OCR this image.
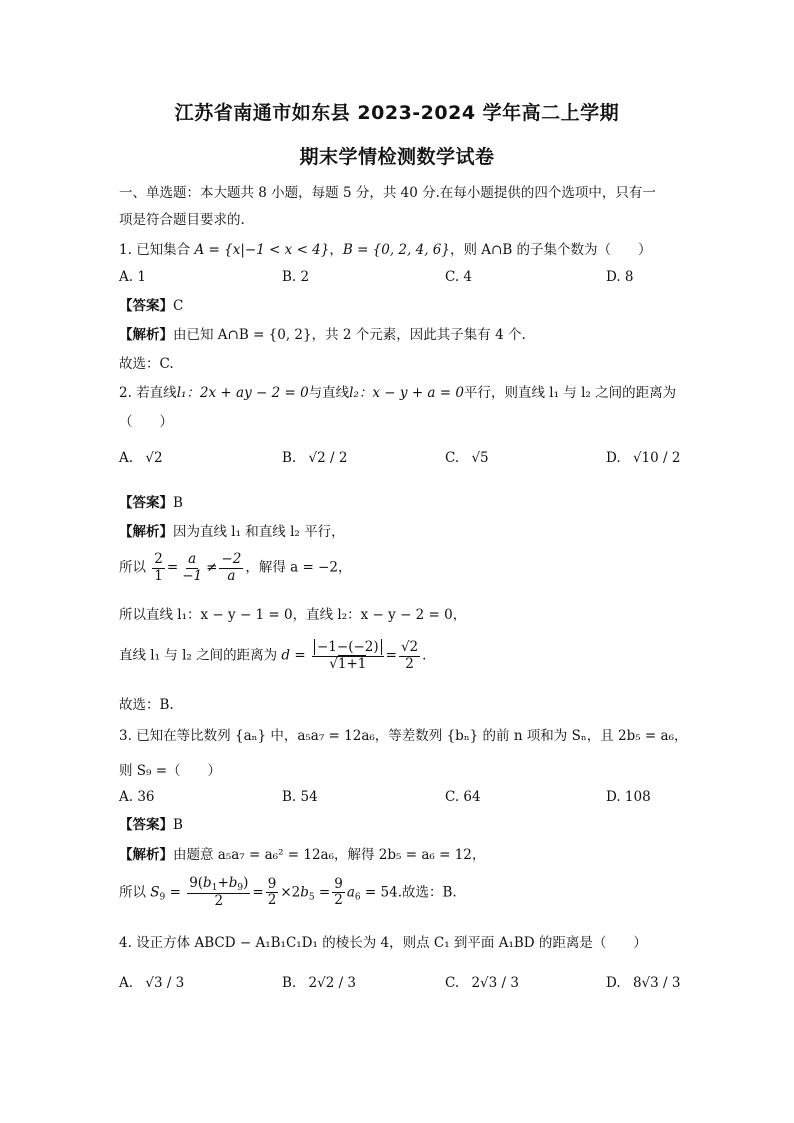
江苏省南通市如东县 2023-2024 学年高二上学期
期末学情检测数学试卷
一、单选题：本大题共 8 小题，每题 5 分，共 40 分.在每小题提供的四个选项中，只有一
项是符合题目要求的.
1. 已知集合 A = {x|−1 < x < 4}，B = {0, 2, 4, 6}，则 A∩B 的子集个数为（　　）
A. 1	B. 2	C. 4	D. 8
【答案】C
【解析】由已知 A∩B = {0, 2}，共 2 个元素，因此其子集有 4 个.
故选：C.
2. 若直线l₁：2x + ay − 2 = 0与直线l₂：x − y + a = 0平行，则直线 l₁ 与 l₂ 之间的距离为
（　　）
A. √2	B. √2 / 2	C. √5	D. √10 / 2
【答案】B
【解析】因为直线 l₁ 和直线 l₂ 平行，
所以 $\frac{2}{1} = \frac{a}{-1} \ne \frac{-2}{a}$ ，解得 a = −2，
所以直线 l₁：x − y − 1 = 0，直线 l₂：x − y − 2 = 0，
直线 l₁ 与 l₂ 之间的距离为 $d = \frac{-1-(-2)}{√1+1} = \frac{√2}{2}$ .
故选：B.
3. 已知在等比数列 {aₙ} 中，a₅a₇ = 12a₆，等差数列 {bₙ} 的前 n 项和为 Sₙ，且 2b₅ = a₆，
则 S₉ =（　　）
A. 36	B. 54	C. 64	D. 108
【答案】B
【解析】由题意 a₅a₇ = a₆² = 12a₆，解得 2b₅ = a₆ = 12，
所以 $S_9 = \frac{9(b_1+b_9)}{2} = \frac{9}{2} \times 2b_5 = \frac{9}{2} a_6 = 54$.故选：B.
4. 设正方体 ABCD − A₁B₁C₁D₁ 的棱长为 4，则点 C₁ 到平面 A₁BD 的距离是（　　）
A. √3 / 3	B. 2√2 / 3	C. 2√3 / 3	D. 8√3 / 3
